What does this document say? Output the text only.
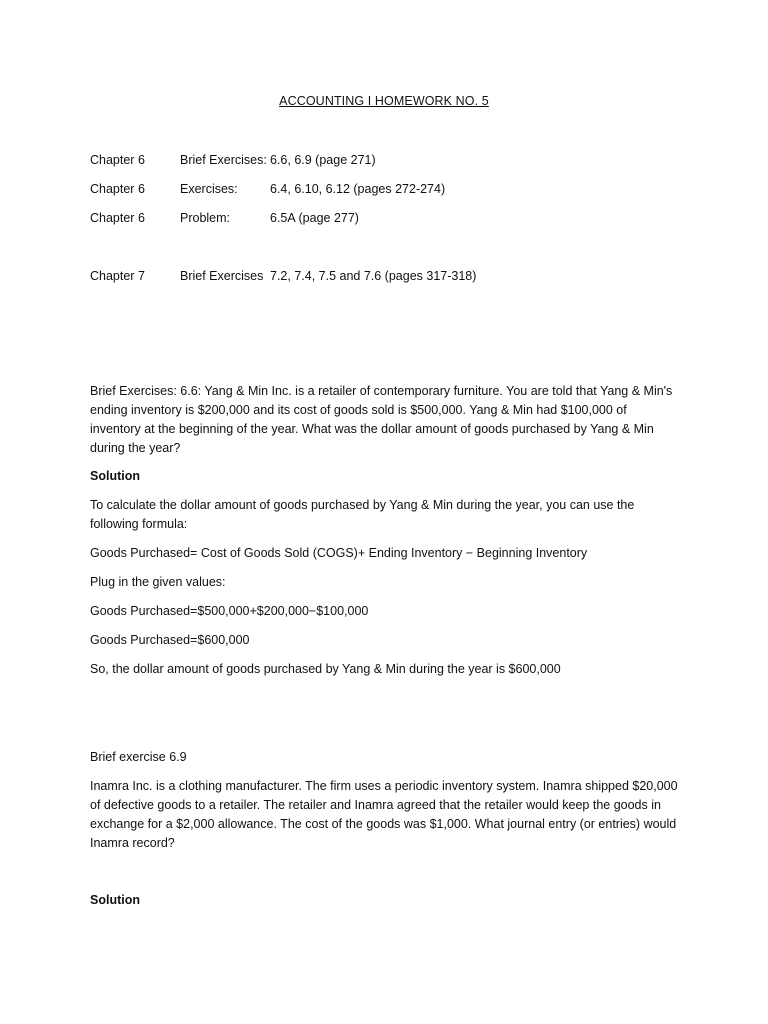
ACCOUNTING I HOMEWORK NO. 5
Chapter 6	Brief Exercises: 6.6, 6.9 (page 271)
Chapter 6	Exercises:	6.4, 6.10, 6.12 (pages 272-274)
Chapter 6	Problem:	6.5A (page 277)
Chapter 7	Brief Exercises 7.2, 7.4, 7.5 and 7.6 (pages 317-318)

Brief Exercises: 6.6: Yang & Min Inc. is a retailer of contemporary furniture. You are told that Yang & Min's ending inventory is $200,000 and its cost of goods sold is $500,000. Yang & Min had $100,000 of inventory at the beginning of the year. What was the dollar amount of goods purchased by Yang & Min during the year?

Solution

To calculate the dollar amount of goods purchased by Yang & Min during the year, you can use the following formula:

Goods Purchased= Cost of Goods Sold (COGS)+ Ending Inventory − Beginning Inventory

Plug in the given values:

Goods Purchased=$500,000+$200,000−$100,000

Goods Purchased=$600,000

So, the dollar amount of goods purchased by Yang & Min during the year is $600,000

Brief exercise 6.9

Inamra Inc. is a clothing manufacturer. The firm uses a periodic inventory system. Inamra shipped $20,000 of defective goods to a retailer. The retailer and Inamra agreed that the retailer would keep the goods in exchange for a $2,000 allowance. The cost of the goods was $1,000. What journal entry (or entries) would Inamra record?

Solution
